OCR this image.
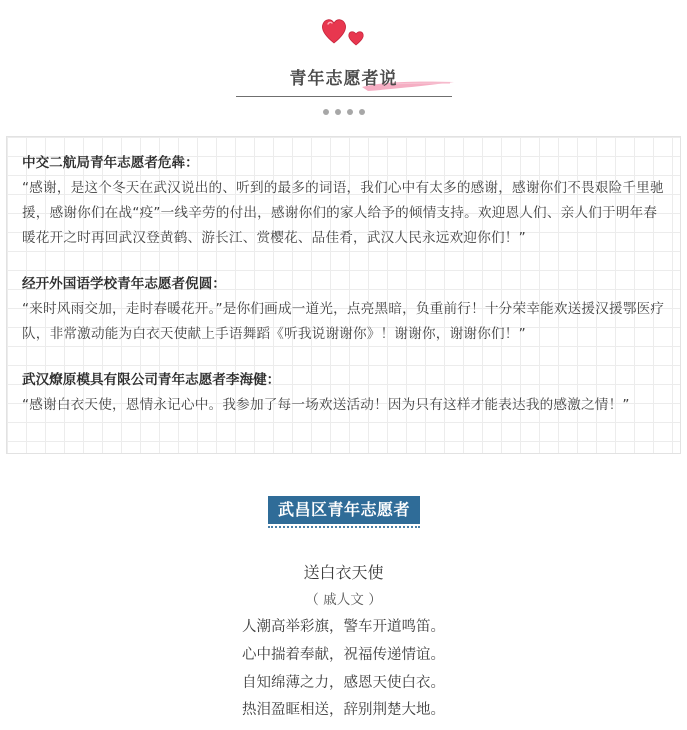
青年志愿者说
中交二航局青年志愿者危犇：
“感谢，是这个冬天在武汉说出的、听到的最多的词语，我们心中有太多的感谢，感谢你们不畏艰险千里驰援，感谢你们在战“疫”一线辛劳的付出，感谢你们的家人给予的倾情支持。欢迎恩人们、亲人们于明年春暖花开之时再回武汉登黄鹤、游长江、赏樱花、品佳肴，武汉人民永远欢迎你们！”
经开外国语学校青年志愿者倪圆：
“来时风雨交加，走时春暖花开。”是你们画成一道光，点亮黑暗，负重前行！十分荣幸能欢送援汉援鄂医疗队，非常激动能为白衣天使献上手语舞蹈《听我说谢谢你》！谢谢你，谢谢你们！”
武汉燎原模具有限公司青年志愿者李海健：
“感谢白衣天使，恩情永记心中。我参加了每一场欢送活动！因为只有这样才能表达我的感激之情！”
武昌区青年志愿者
送白衣天使
（ 戚人文 ）
人潮高举彩旗，警车开道鸣笛。
心中揣着奉献，祝福传递情谊。
自知绵薄之力，感恩天使白衣。
热泪盈眶相送，辞别荆楚大地。
